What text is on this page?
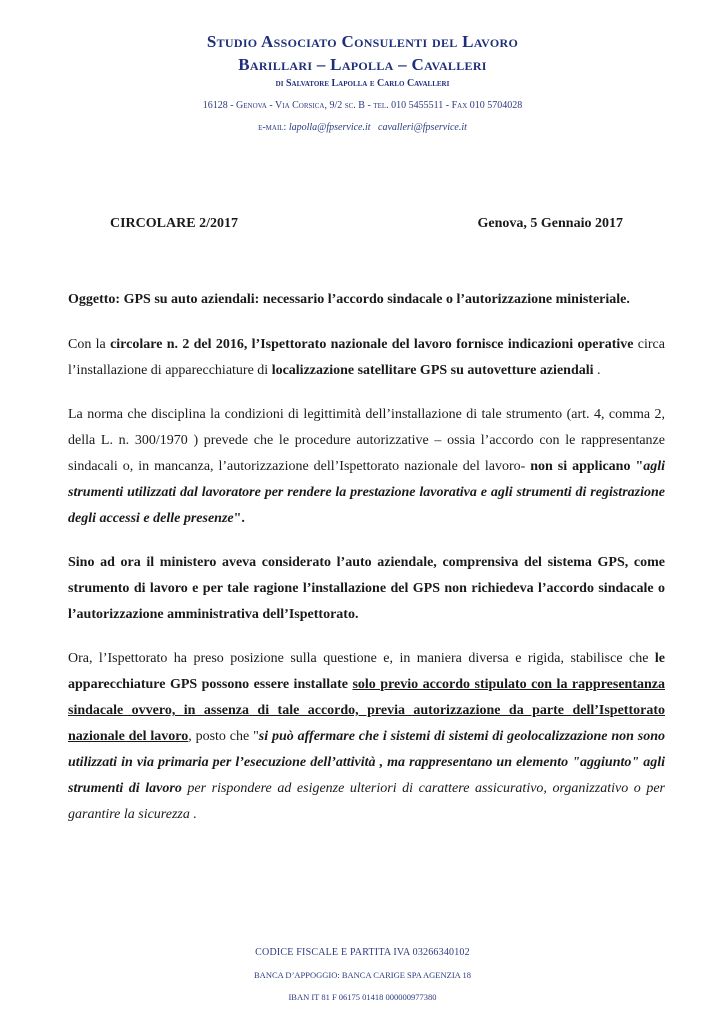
Studio Associato Consulenti del Lavoro
Barillari – Lapolla – Cavalleri
di Salvatore Lapolla e Carlo Cavalleri
16128 - Genova - Via Corsica, 9/2 sc. B - tel. 010 5455511 - Fax 010 5704028
e-mail: lapolla@fpservice.it cavalleri@fpservice.it
CIRCOLARE 2/2017	Genova, 5 Gennaio 2017

Oggetto: GPS su auto aziendali: necessario l’accordo sindacale o l’autorizzazione ministeriale.

Con la circolare n. 2 del 2016, l’Ispettorato nazionale del lavoro fornisce indicazioni operative circa l’installazione di apparecchiature di localizzazione satellitare GPS su autovetture aziendali .

La norma che disciplina la condizioni di legittimità dell’installazione di tale strumento (art. 4, comma 2, della L. n. 300/1970 ) prevede che le procedure autorizzative – ossia l’accordo con le rappresentanze sindacali o, in mancanza, l’autorizzazione dell’Ispettorato nazionale del lavoro- non si applicano "agli strumenti utilizzati dal lavoratore per rendere la prestazione lavorativa e agli strumenti di registrazione degli accessi e delle presenze".

Sino ad ora il ministero aveva considerato l’auto aziendale, comprensiva del sistema GPS, come strumento di lavoro e per tale ragione l’installazione del GPS non richiedeva l’accordo sindacale o l’autorizzazione amministrativa dell’Ispettorato.

Ora, l’Ispettorato ha preso posizione sulla questione e, in maniera diversa e rigida, stabilisce che le apparecchiature GPS possono essere installate solo previo accordo stipulato con la rappresentanza sindacale ovvero, in assenza di tale accordo, previa autorizzazione da parte dell’Ispettorato nazionale del lavoro, posto che "si può affermare che i sistemi di sistemi di geolocalizzazione non sono utilizzati in via primaria per l’esecuzione dell’attività , ma rappresentano un elemento "aggiunto" agli strumenti di lavoro per rispondere ad esigenze ulteriori di carattere assicurativo, organizzativo o per garantire la sicurezza .

CODICE FISCALE E PARTITA IVA 03266340102
BANCA D’APPOGGIO: BANCA CARIGE SPA AGENZIA 18
IBAN IT 81 F 06175 01418 000000977380
